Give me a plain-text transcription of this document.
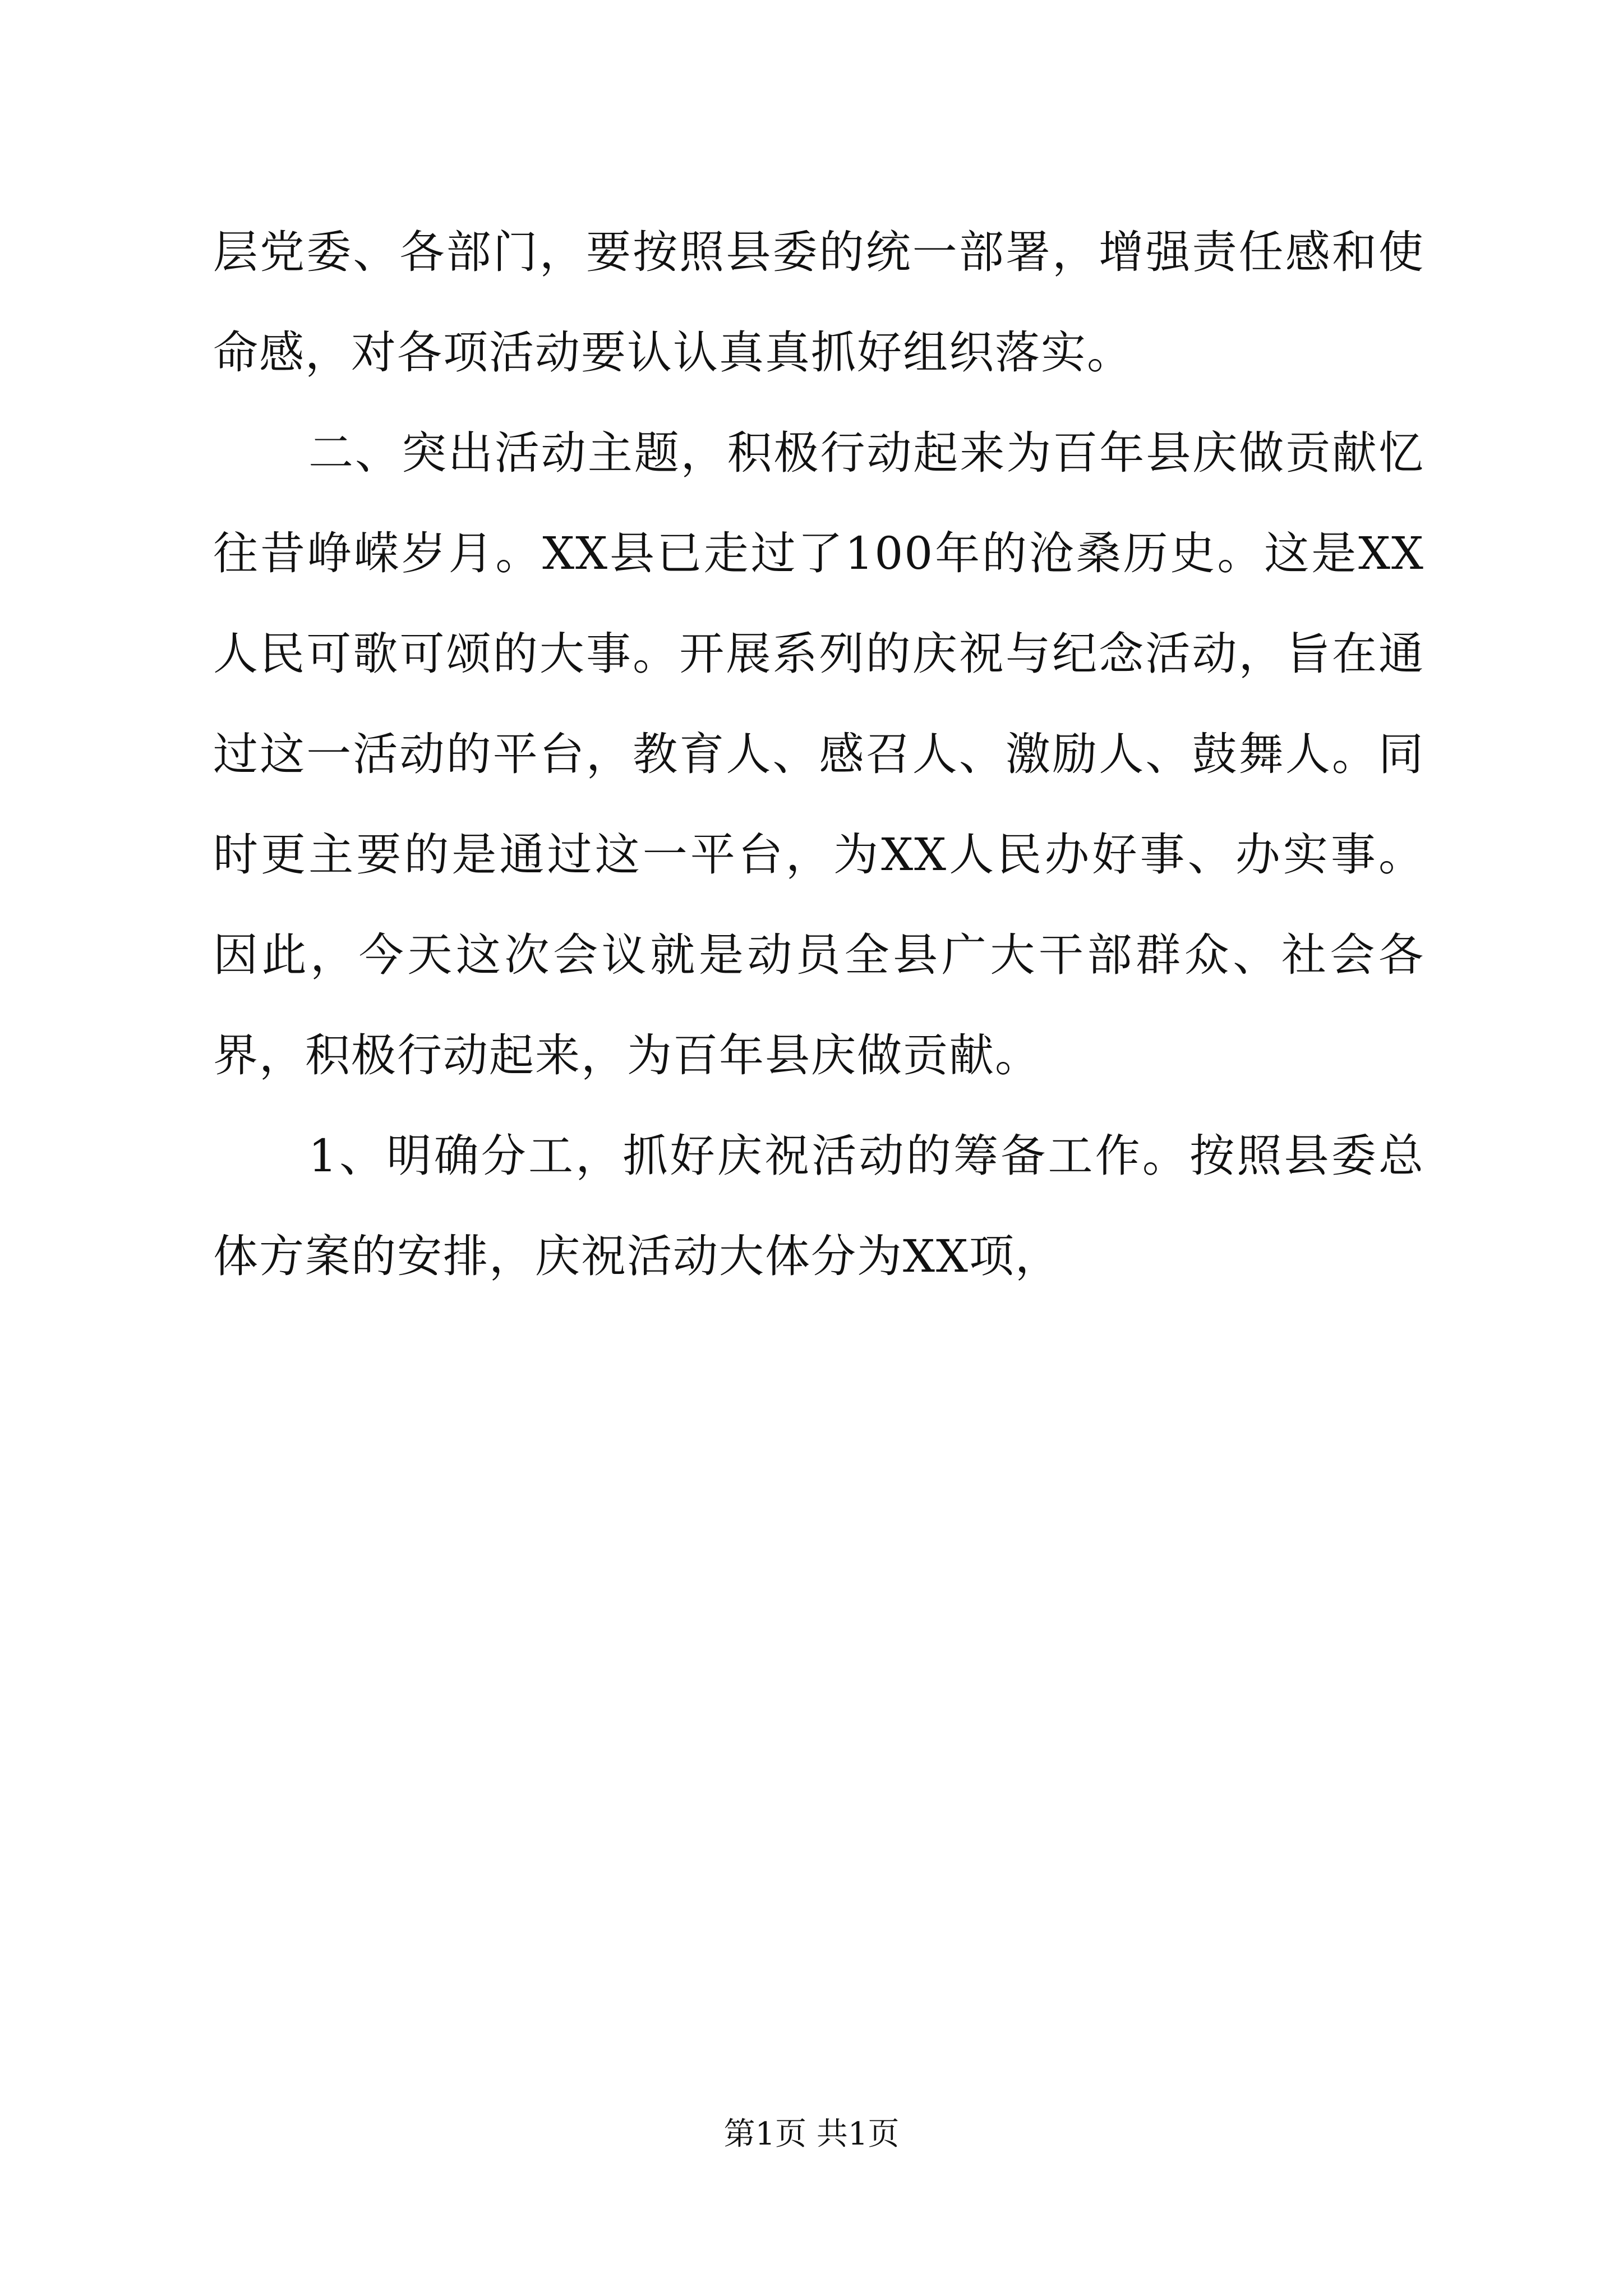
层党委、各部门，要按照县委的统一部署，增强责任感和使命感，对各项活动要认认真真抓好组织落实。

二、突出活动主题，积极行动起来为百年县庆做贡献忆往昔峥嵘岁月。XX县已走过了100年的沧桑历史。这是XX人民可歌可颂的大事。开展系列的庆祝与纪念活动，旨在通过这一活动的平台，教育人、感召人、激励人、鼓舞人。同时更主要的是通过这一平台，为XX人民办好事、办实事。因此，今天这次会议就是动员全县广大干部群众、社会各界，积极行动起来，为百年县庆做贡献。

1、明确分工，抓好庆祝活动的筹备工作。按照县委总体方案的安排，庆祝活动大体分为XX项，

第1页 共1页
